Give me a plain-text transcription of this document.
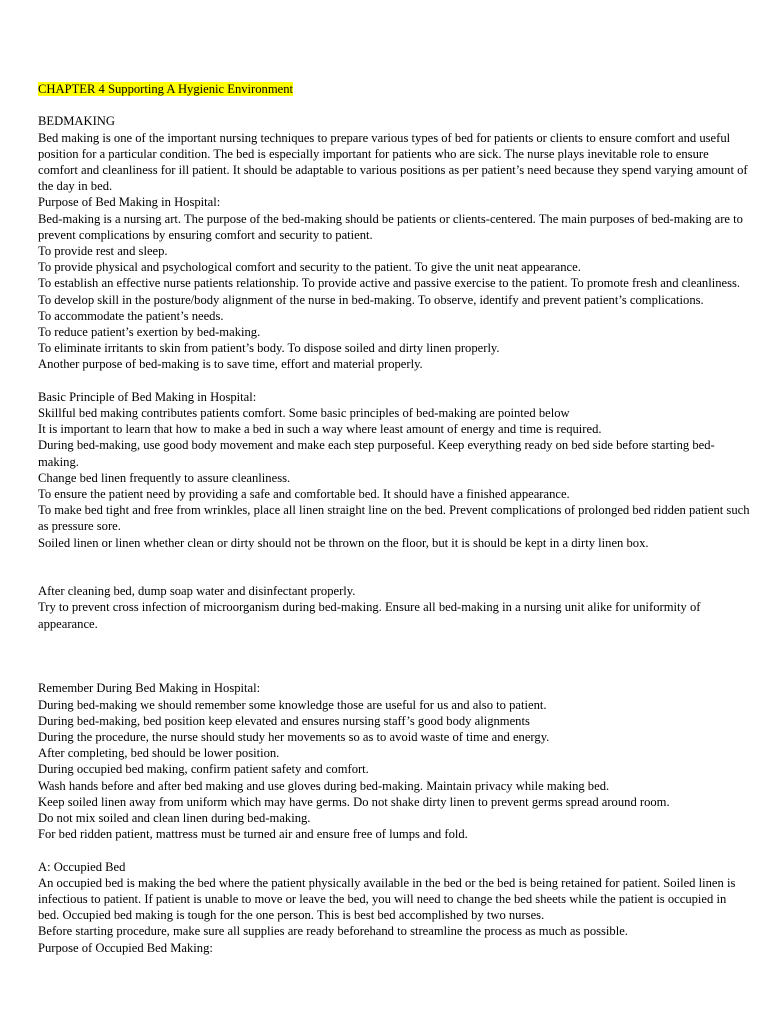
CHAPTER 4 Supporting A Hygienic Environment

BEDMAKING

Bed making is one of the important nursing techniques to prepare various types of bed for patients or clients to ensure comfort and useful position for a particular condition. The bed is especially important for patients who are sick. The nurse plays inevitable role to ensure comfort and cleanliness for ill patient. It should be adaptable to various positions as per patient’s need because they spend varying amount of the day in bed.

Purpose of Bed Making in Hospital:

Bed-making is a nursing art. The purpose of the bed-making should be patients or clients-centered. The main purposes of bed-making are to prevent complications by ensuring comfort and security to patient.

To provide rest and sleep.

To provide physical and psychological comfort and security to the patient. To give the unit neat appearance.

To establish an effective nurse patients relationship. To provide active and passive exercise to the patient. To promote fresh and cleanliness.

To develop skill in the posture/body alignment of the nurse in bed-making. To observe, identify and prevent patient’s complications.

To accommodate the patient’s needs.

To reduce patient’s exertion by bed-making.

To eliminate irritants to skin from patient’s body. To dispose soiled and dirty linen properly.

Another purpose of bed-making is to save time, effort and material properly.

Basic Principle of Bed Making in Hospital:

Skillful bed making contributes patients comfort. Some basic principles of bed-making are pointed below

It is important to learn that how to make a bed in such a way where least amount of energy and time is required.

During bed-making, use good body movement and make each step purposeful. Keep everything ready on bed side before starting bed-making.

Change bed linen frequently to assure cleanliness.

To ensure the patient need by providing a safe and comfortable bed. It should have a finished appearance.

To make bed tight and free from wrinkles, place all linen straight line on the bed. Prevent complications of prolonged bed ridden patient such as pressure sore.

Soiled linen or linen whether clean or dirty should not be thrown on the floor, but it is should be kept in a dirty linen box.

After cleaning bed, dump soap water and disinfectant properly.

Try to prevent cross infection of microorganism during bed-making. Ensure all bed-making in a nursing unit alike for uniformity of appearance.

Remember During Bed Making in Hospital:

During bed-making we should remember some knowledge those are useful for us and also to patient.

During bed-making, bed position keep elevated and ensures nursing staff’s good body alignments

During the procedure, the nurse should study her movements so as to avoid waste of time and energy.

After completing, bed should be lower position.

During occupied bed making, confirm patient safety and comfort.

Wash hands before and after bed making and use gloves during bed-making. Maintain privacy while making bed.

Keep soiled linen away from uniform which may have germs. Do not shake dirty linen to prevent germs spread around room.

Do not mix soiled and clean linen during bed-making.

For bed ridden patient, mattress must be turned air and ensure free of lumps and fold.

A: Occupied Bed

An occupied bed is making the bed where the patient physically available in the bed or the bed is being retained for patient. Soiled linen is infectious to patient. If patient is unable to move or leave the bed, you will need to change the bed sheets while the patient is occupied in bed. Occupied bed making is tough for the one person. This is best bed accomplished by two nurses.

Before starting procedure, make sure all supplies are ready beforehand to streamline the process as much as possible.

Purpose of Occupied Bed Making:
